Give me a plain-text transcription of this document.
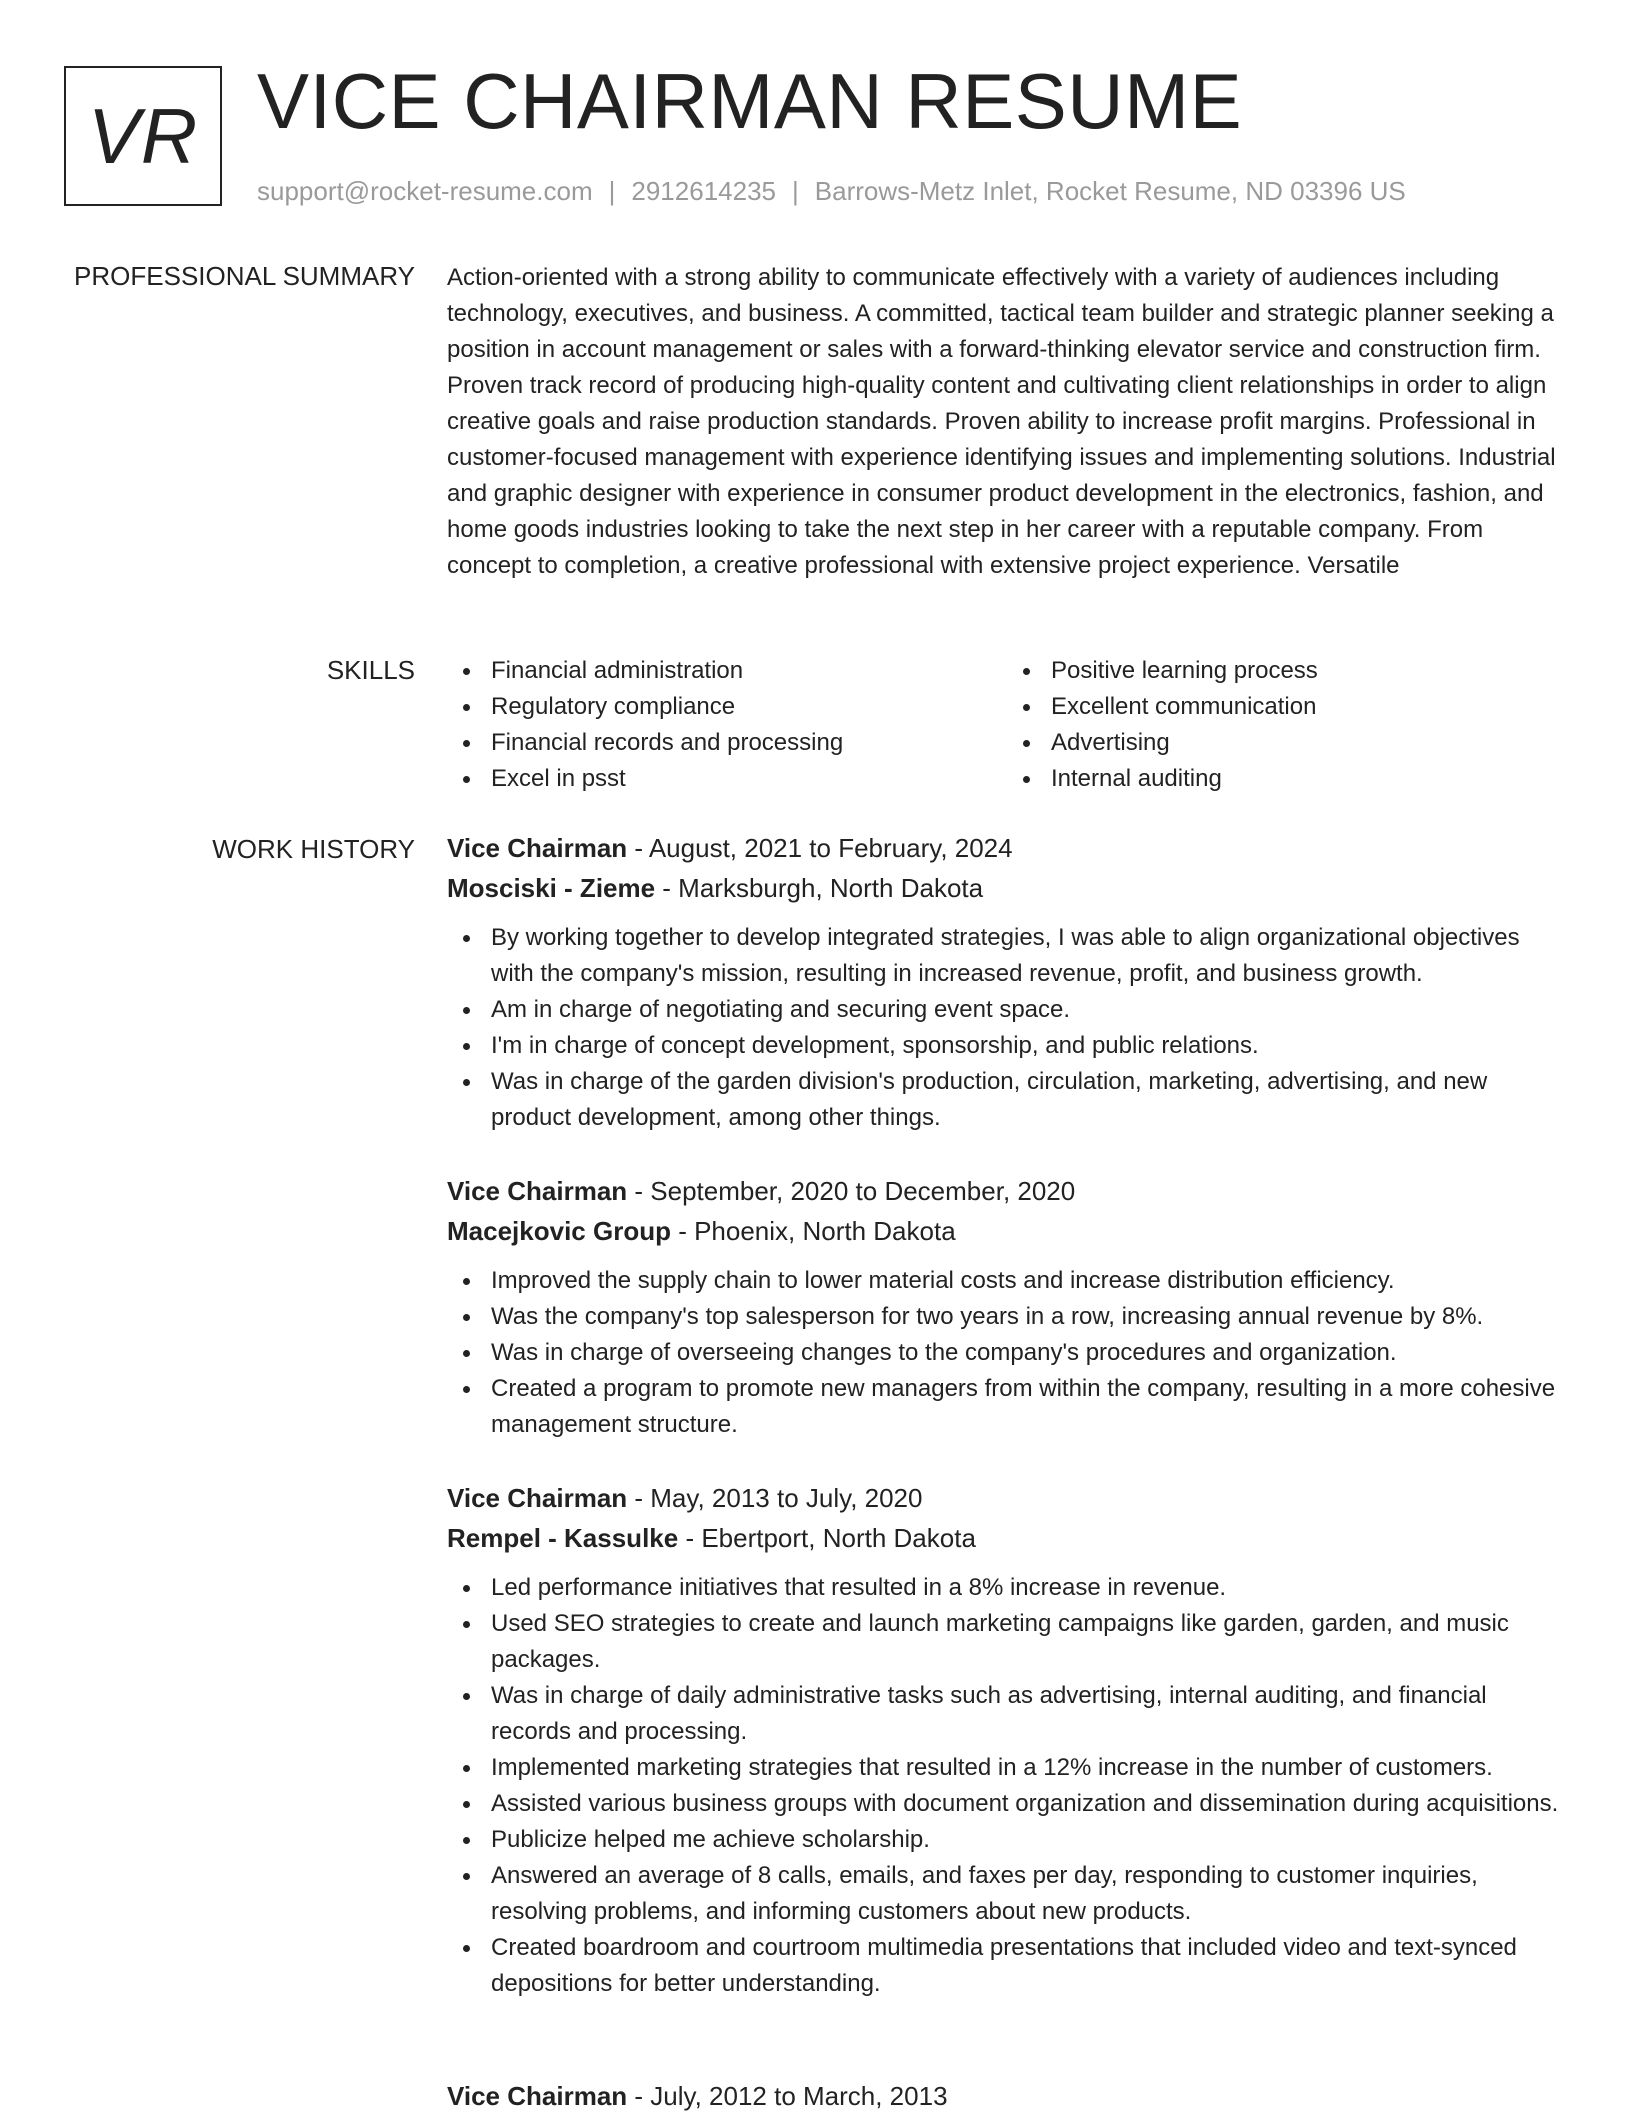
VR VICE CHAIRMAN RESUME
support@rocket-resume.com | 2912614235 | Barrows-Metz Inlet, Rocket Resume, ND 03396 US
PROFESSIONAL SUMMARY Action-oriented with a strong ability to communicate effectively with a variety of audiences including technology, executives, and business. A committed, tactical team builder and strategic planner seeking a position in account management or sales with a forward-thinking elevator service and construction firm. Proven track record of producing high-quality content and cultivating client relationships in order to align creative goals and raise production standards. Proven ability to increase profit margins. Professional in customer-focused management with experience identifying issues and implementing solutions. Industrial and graphic designer with experience in consumer product development in the electronics, fashion, and home goods industries looking to take the next step in her career with a reputable company. From concept to completion, a creative professional with extensive project experience. Versatile

SKILLS	Financial administration
Regulatory compliance
Financial records and processing
Excel in psst
Positive learning process
Excellent communication
Advertising
Internal auditing
WORK HISTORY Vice Chairman - August, 2021 to February, 2024
Mosciski - Zieme - Marksburgh, North Dakota
By working together to develop integrated strategies, I was able to align organizational objectives with the company's mission, resulting in increased revenue, profit, and business growth.
Am in charge of negotiating and securing event space.
I'm in charge of concept development, sponsorship, and public relations.
Was in charge of the garden division's production, circulation, marketing, advertising, and new product development, among other things.
Vice Chairman - September, 2020 to December, 2020
Macejkovic Group - Phoenix, North Dakota
Improved the supply chain to lower material costs and increase distribution efficiency.
Was the company's top salesperson for two years in a row, increasing annual revenue by 8%.
Was in charge of overseeing changes to the company's procedures and organization.
Created a program to promote new managers from within the company, resulting in a more cohesive management structure.
Vice Chairman - May, 2013 to July, 2020
Rempel - Kassulke - Ebertport, North Dakota
Led performance initiatives that resulted in a 8% increase in revenue.
Used SEO strategies to create and launch marketing campaigns like garden, garden, and music packages.
Was in charge of daily administrative tasks such as advertising, internal auditing, and financial records and processing.
Implemented marketing strategies that resulted in a 12% increase in the number of customers.
Assisted various business groups with document organization and dissemination during acquisitions.
Publicize helped me achieve scholarship.
Answered an average of 8 calls, emails, and faxes per day, responding to customer inquiries, resolving problems, and informing customers about new products.
Created boardroom and courtroom multimedia presentations that included video and text-synced depositions for better understanding.
Vice Chairman - July, 2012 to March, 2013
